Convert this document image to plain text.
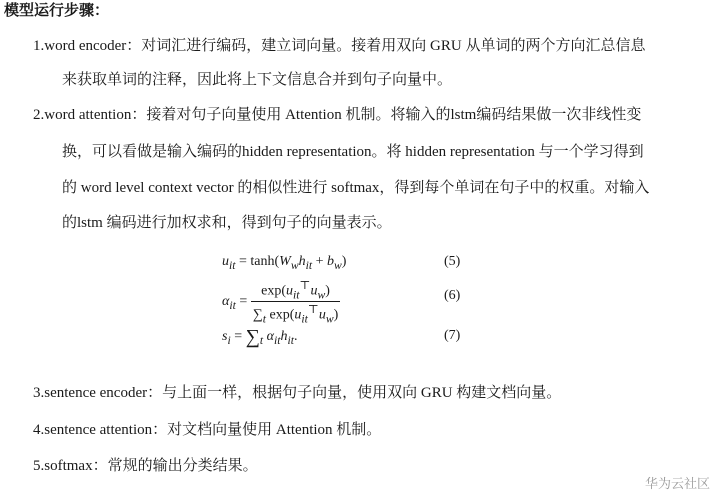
模型运行步骤：
1.word encoder：对词汇进行编码，建立词向量。接着用双向 GRU 从单词的两个方向汇总信息
来获取单词的注释，因此将上下文信息合并到句子向量中。
2.word attention：接着对句子向量使用 Attention 机制。将输入的lstm编码结果做一次非线性变
换，可以看做是输入编码的hidden representation。将 hidden representation 与一个学习得到
的 word level context vector 的相似性进行 softmax，得到每个单词在句子中的权重。对输入
的lstm 编码进行加权求和，得到句子的向量表示。
$u_{it} = \tanh(W_wh_{it} + b_w)$	(5)
$\alpha_{it} = \frac{\exp(u_{it}^⊤u_w)}{\sum_t \exp(u_{it}^⊤u_w)}$	(6)
$s_i = \sum_t$ $\alpha_{it}h_{it}$.	(7)
3.sentence encoder：与上面一样，根据句子向量，使用双向 GRU 构建文档向量。
4.sentence attention：对文档向量使用 Attention 机制。
5.softmax：常规的输出分类结果。
华为云社区
